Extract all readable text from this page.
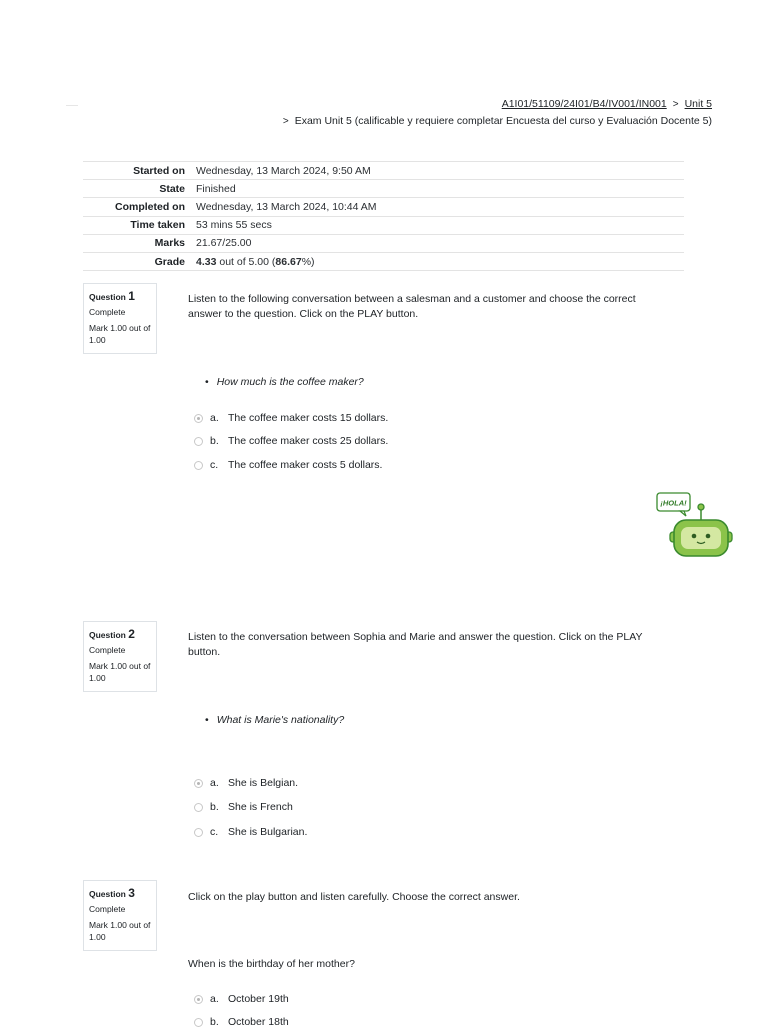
A1I01/51109/24I01/B4/IV001/IN001 > Unit 5
> Exam Unit 5 (calificable y requiere completar Encuesta del curso y Evaluación Docente 5)
Started on	Wednesday, 13 March 2024, 9:50 AM
State	Finished
Completed on	Wednesday, 13 March 2024, 10:44 AM
Time taken	53 mins 55 secs
Marks	21.67/25.00
Grade	4.33 out of 5.00 (86.67%)
Question 1
Complete
Mark 1.00 out of 1.00
Listen to the following conversation between a salesman and a customer and choose the correct answer to the question. Click on the PLAY button.
• How much is the coffee maker?
a. The coffee maker costs 15 dollars.
b. The coffee maker costs 25 dollars.
c. The coffee maker costs 5 dollars.
¡HOLA!
Question 2
Complete
Mark 1.00 out of 1.00
Listen to the conversation between Sophia and Marie and answer the question. Click on the PLAY button.
• What is Marie's nationality?
a. She is Belgian.
b. She is French
c. She is Bulgarian.
Question 3
Complete
Mark 1.00 out of 1.00
Click on the play button and listen carefully. Choose the correct answer.
When is the birthday of her mother?
a. October 19th
b. October 18th
